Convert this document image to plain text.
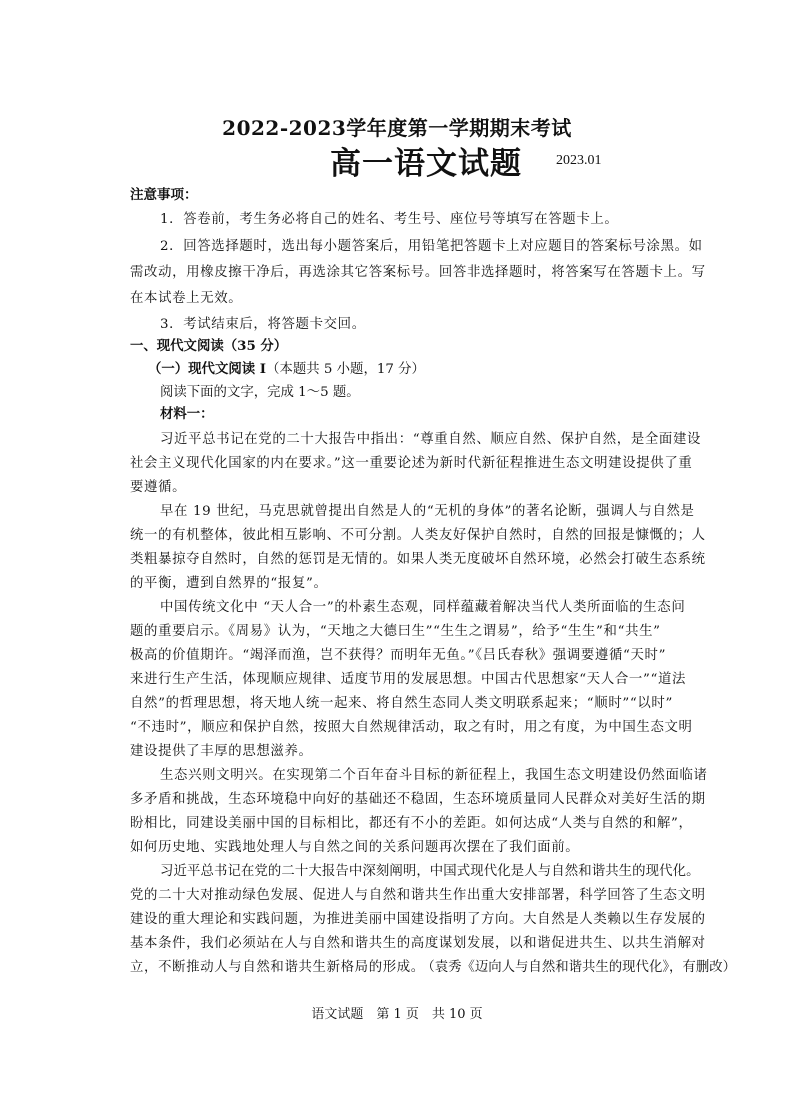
2022-2023学年度第一学期期末考试
高一语文试题 2023.01
注意事项：
1．答卷前，考生务必将自己的姓名、考生号、座位号等填写在答题卡上。
2．回答选择题时，选出每小题答案后，用铅笔把答题卡上对应题目的答案标号涂黑。如
需改动，用橡皮擦干净后，再选涂其它答案标号。回答非选择题时，将答案写在答题卡上。写
在本试卷上无效。
3．考试结束后，将答题卡交回。
一、现代文阅读（35 分）
（一）现代文阅读 I（本题共 5 小题，17 分）
阅读下面的文字，完成 1～5 题。
材料一：
习近平总书记在党的二十大报告中指出：“尊重自然、顺应自然、保护自然，是全面建设
社会主义现代化国家的内在要求。”这一重要论述为新时代新征程推进生态文明建设提供了重
要遵循。
早在 19 世纪，马克思就曾提出自然是人的“无机的身体”的著名论断，强调人与自然是
统一的有机整体，彼此相互影响、不可分割。人类友好保护自然时，自然的回报是慷慨的；人
类粗暴掠夺自然时，自然的惩罚是无情的。如果人类无度破坏自然环境，必然会打破生态系统
的平衡，遭到自然界的“报复”。
中国传统文化中 “天人合一”的朴素生态观，同样蕴藏着解决当代人类所面临的生态问
题的重要启示。《周易》认为，“天地之大德曰生”“生生之谓易”，给予“生生”和“共生”
极高的价值期许。“竭泽而渔，岂不获得？而明年无鱼。”《吕氏春秋》强调要遵循“天时”
来进行生产生活，体现顺应规律、适度节用的发展思想。中国古代思想家“天人合一”“道法
自然”的哲理思想，将天地人统一起来、将自然生态同人类文明联系起来；“顺时”“以时”
“不违时”，顺应和保护自然，按照大自然规律活动，取之有时，用之有度，为中国生态文明
建设提供了丰厚的思想滋养。
生态兴则文明兴。在实现第二个百年奋斗目标的新征程上，我国生态文明建设仍然面临诸
多矛盾和挑战，生态环境稳中向好的基础还不稳固，生态环境质量同人民群众对美好生活的期
盼相比，同建设美丽中国的目标相比，都还有不小的差距。如何达成“人类与自然的和解”，
如何历史地、实践地处理人与自然之间的关系问题再次摆在了我们面前。
习近平总书记在党的二十大报告中深刻阐明，中国式现代化是人与自然和谐共生的现代化。
党的二十大对推动绿色发展、促进人与自然和谐共生作出重大安排部署，科学回答了生态文明
建设的重大理论和实践问题，为推进美丽中国建设指明了方向。大自然是人类赖以生存发展的
基本条件，我们必须站在人与自然和谐共生的高度谋划发展，以和谐促进共生、以共生消解对
立，不断推动人与自然和谐共生新格局的形成。
（袁秀《迈向人与自然和谐共生的现代化》，有删改）
语文试题　第 1 页　共 10 页
